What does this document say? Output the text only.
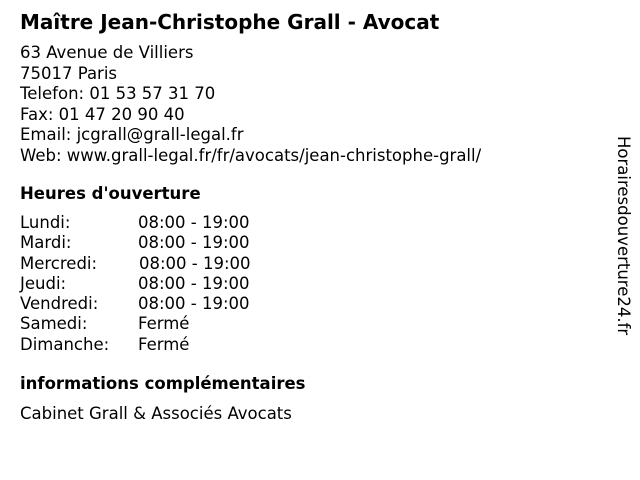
Maître Jean-Christophe Grall - Avocat
63 Avenue de Villiers
75017 Paris
Telefon: 01 53 57 31 70
Fax: 01 47 20 90 40
Email: jcgrall@grall-legal.fr
Web: www.grall-legal.fr/fr/avocats/jean-christophe-grall/
Heures d'ouverture
Lundi:	08:00 - 19:00
Mardi:	08:00 - 19:00
Mercredi:	08:00 - 19:00
Jeudi:	08:00 - 19:00
Vendredi: 08:00 - 19:00
Samedi:	Fermé
Dimanche: Fermé
informations complémentaires
Cabinet Grall & Associés Avocats
Horairesdouverture24.fr
